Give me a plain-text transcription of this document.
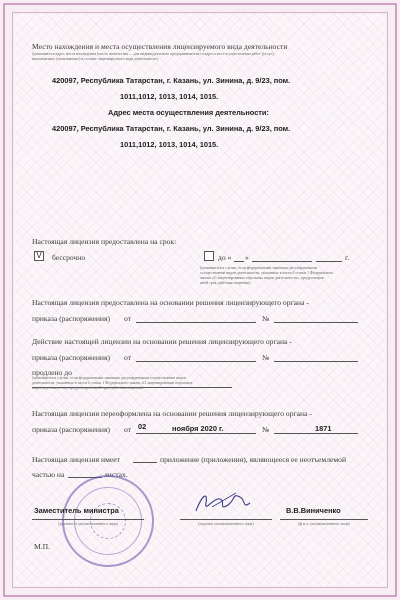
Место нахождения и места осуществления лицензируемого вида деятельности
(указываются адрес места нахождения (место жительства — для индивидуального предпринимателя) и адреса мест осуществления работ (услуг),
выполняемых (оказываемых) в составе лицензируемого вида деятельности)
420097, Республика Татарстан, г. Казань, ул. Зинина, д. 9/23, пом.
1011,1012, 1013, 1014, 1015.
Адрес места осуществления деятельности:
420097, Республика Татарстан, г. Казань, ул. Зинина, д. 9/23, пом.
1011,1012, 1013, 1014, 1015.
Настоящая лицензия предоставлена на срок:
V	бессрочно	до « »	г.
(указывается в случае, если федеральными законами, регулирующими
осуществление видов деятельности, указанных в части 4 статьи 1 Федерального
закона «О лицензировании отдельных видов деятельности», предусмотрен
иной срок действия лицензии)
Настоящая лицензия предоставлена на основании решения лицензирующего органа -
приказа (распоряжения) от	№
Действие настоящей лицензии на основании решения лицензирующего органа -
приказа (распоряжения) от	№
продлено до
(указывается в случае, если федеральными законами, регулирующими осуществление видов
деятельности, указанных в части 4 статьи 1 Федерального закона «О лицензировании отдельных
видов деятельности», предусмотрен иной срок действия лицензии)
Настоящая лицензия переоформлена на основании решения лицензирующего органа -
приказа (распоряжения) от 02	ноября 2020 г.	№	1871
Настоящая лицензия имеет	приложение (приложения), являющееся ее неотъемлемой
частью на	листах.
Заместитель министра
(должность уполномоченного лица)	(подпись уполномоченного лица)
В.В.Виниченко
(ф.и.о. уполномоченного лица)
М.П.
